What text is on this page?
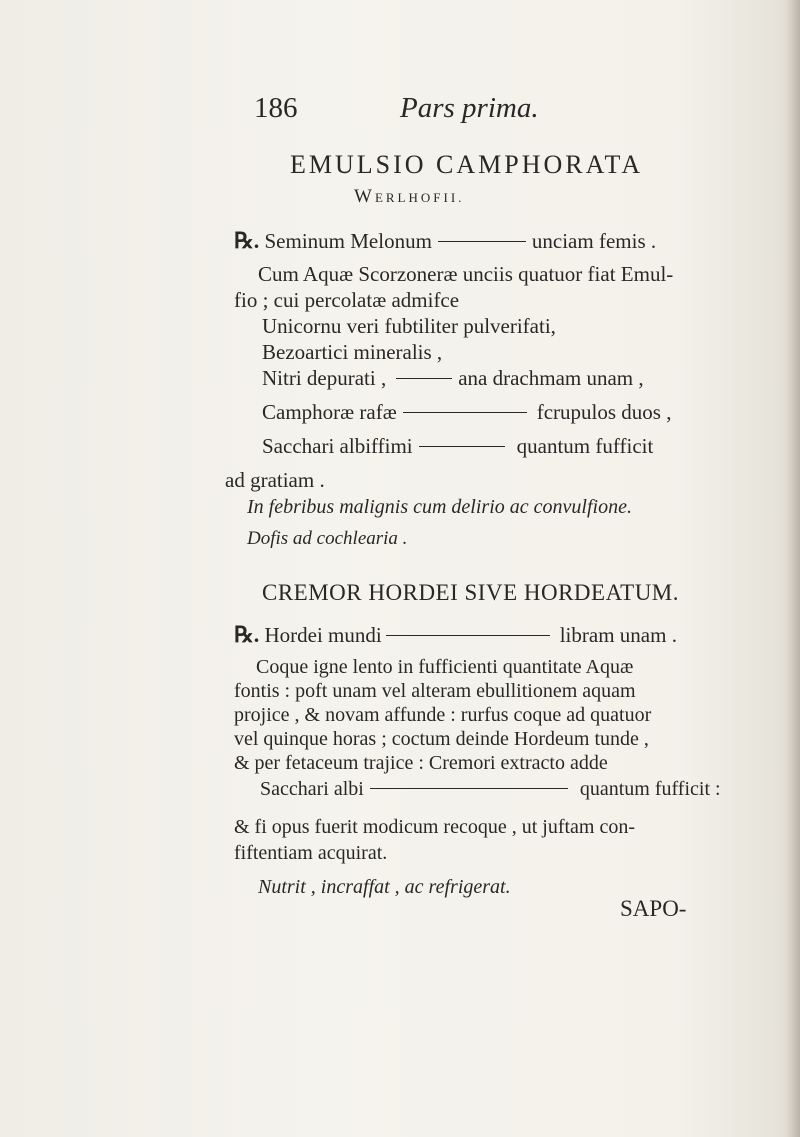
186	Pars prima.
EMULSIO CAMPHORATA
WERLHOFII.
℞. Seminum Melonum	unciam femis .
Cum Aquæ Scorzoneræ unciis quatuor fiat Emul-
fio ; cui percolatæ admifce
Unicornu veri fubtiliter pulverifati,
Bezoartici mineralis ,
Nitri depurati ,	ana drachmam unam ,
Camphoræ rafæ	fcrupulos duos ,
Sacchari albiffimi	quantum fufficit
ad gratiam .
In febribus malignis cum delirio ac convulfione.
Dofis ad cochlearia .
CREMOR HORDEI SIVE HORDEATUM.
℞. Hordei mundi	libram unam .
Coque igne lento in fufficienti quantitate Aquæ
fontis : poft unam vel alteram ebullitionem aquam
projice , & novam affunde : rurfus coque ad quatuor
vel quinque horas ; coctum deinde Hordeum tunde ,
& per fetaceum trajice : Cremori extracto adde
Sacchari albi	quantum fufficit :
& fi opus fuerit modicum recoque , ut juftam con-
fiftentiam acquirat.
Nutrit , incraffat , ac refrigerat.
SAPO-
